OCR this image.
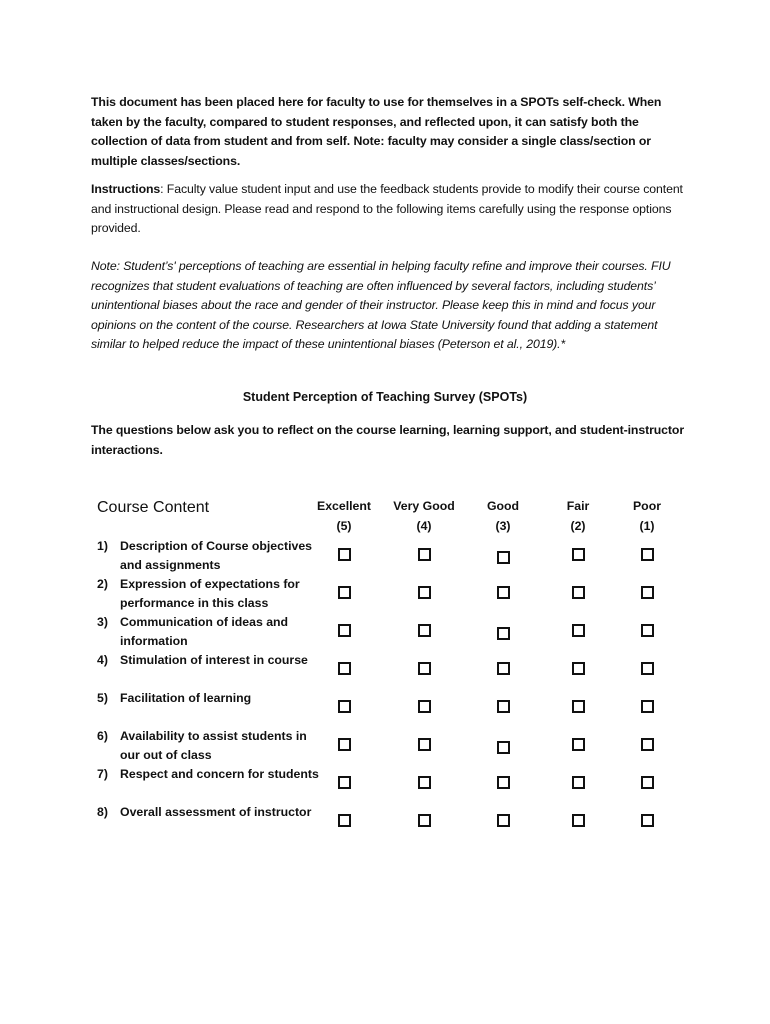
This document has been placed here for faculty to use for themselves in a SPOTs self-check. When taken by the faculty, compared to student responses, and reflected upon, it can satisfy both the collection of data from student and from self. Note: faculty may consider a single class/section or multiple classes/sections.
Instructions: Faculty value student input and use the feedback students provide to modify their course content and instructional design. Please read and respond to the following items carefully using the response options provided.
Note: Student’s' perceptions of teaching are essential in helping faculty refine and improve their courses. FIU recognizes that student evaluations of teaching are often influenced by several factors, including students’ unintentional biases about the race and gender of their instructor. Please keep this in mind and focus your opinions on the content of the course. Researchers at Iowa State University found that adding a statement similar to helped reduce the impact of these unintentional biases (Peterson et al., 2019).*
Student Perception of Teaching Survey (SPOTs)
The questions below ask you to reflect on the course learning, learning support, and student-instructor interactions.
Course Content	Excellent
(5)
Very Good
(4)
Good
(3)
Fair
(2)
Poor
(1)
1) Description of Course objectives and assignments
2) Expression of expectations for performance in this class
3) Communication of ideas and information
4) Stimulation of interest in course
5) Facilitation of learning
6) Availability to assist students in our out of class
7) Respect and concern for students
8) Overall assessment of instructor
